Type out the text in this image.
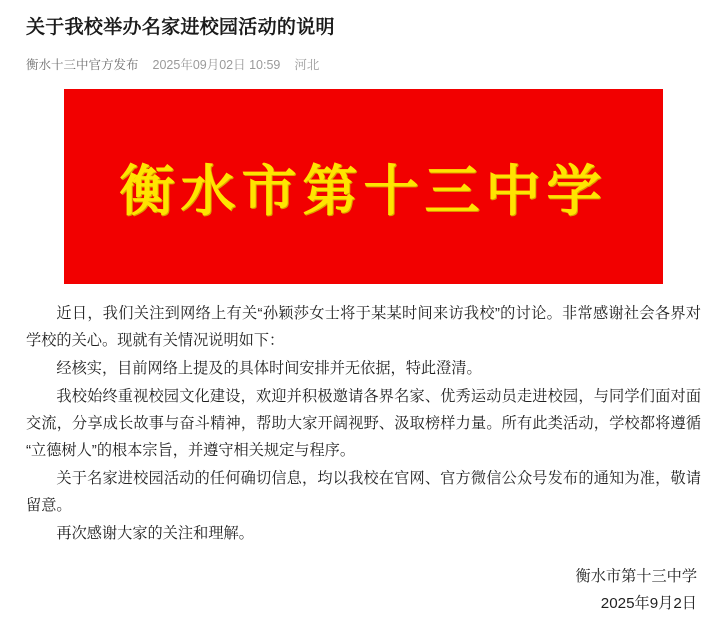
关于我校举办名家进校园活动的说明
衡水十三中官方发布 2025年09月02日 10:59 河北
衡水市第十三中学

近日，我们关注到网络上有关“孙颖莎女士将于某某时间来访我校”的讨论。非常感谢社会各界对学校的关心。现就有关情况说明如下：

经核实，目前网络上提及的具体时间安排并无依据，特此澄清。

我校始终重视校园文化建设，欢迎并积极邀请各界名家、优秀运动员走进校园，与同学们面对面交流，分享成长故事与奋斗精神，帮助大家开阔视野、汲取榜样力量。所有此类活动，学校都将遵循“立德树人”的根本宗旨，并遵守相关规定与程序。

关于名家进校园活动的任何确切信息，均以我校在官网、官方微信公众号发布的通知为准，敬请留意。

再次感谢大家的关注和理解。

衡水市第十三中学
2025年9月2日
